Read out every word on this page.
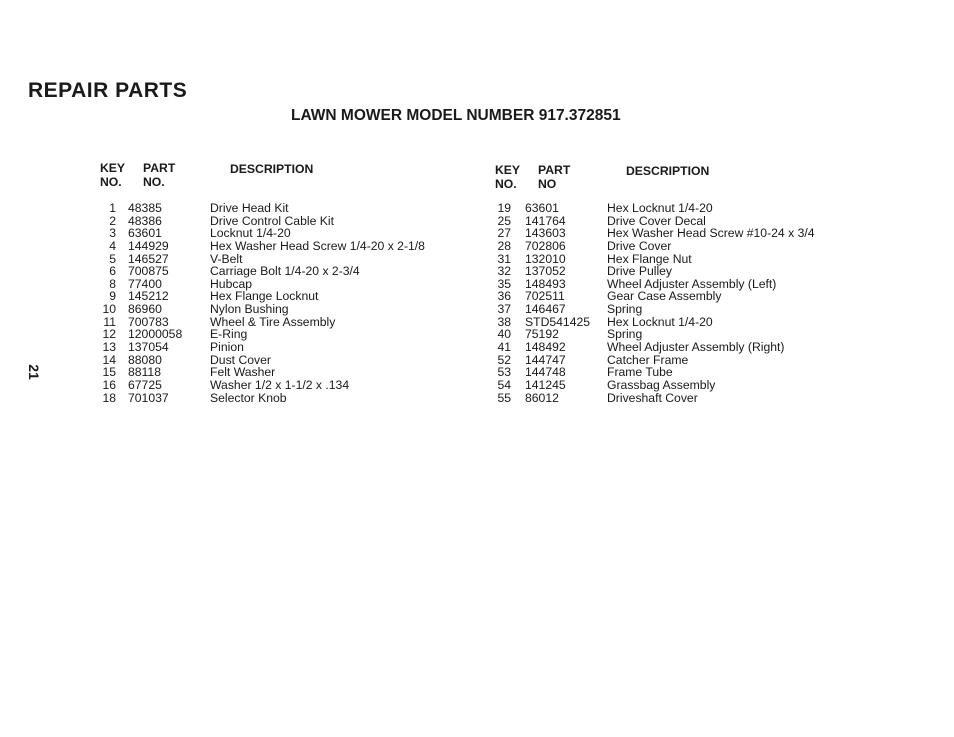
REPAIR PARTS
LAWN MOWER MODEL NUMBER 917.372851
21
KEY
NO.
PART
NO.
DESCRIPTION
1 48385	Drive Head Kit
2 48386	Drive Control Cable Kit
3 63601	Locknut 1/4-20
4 144929	Hex Washer Head Screw 1/4-20 x 2-1/8
5 146527	V-Belt
6 700875	Carriage Bolt 1/4-20 x 2-3/4
8 77400	Hubcap
9 145212	Hex Flange Locknut
10 86960	Nylon Bushing
11 700783	Wheel & Tire Assembly
12 12000058 E-Ring
13 137054	Pinion
14 88080	Dust Cover
15 88118	Felt Washer
16 67725	Washer 1/2 x 1-1/2 x .134
18 701037	Selector Knob
KEY
NO.
PART
NO
DESCRIPTION
19 63601	Hex Locknut 1/4-20
25 141764	Drive Cover Decal
27 143603	Hex Washer Head Screw #10-24 x 3/4
28 702806	Drive Cover
31 132010	Hex Flange Nut
32 137052	Drive Pulley
35 148493	Wheel Adjuster Assembly (Left)
36 702511	Gear Case Assembly
37 146467	Spring
38 STD541425 Hex Locknut 1/4-20
40 75192	Spring
41 148492	Wheel Adjuster Assembly (Right)
52 144747	Catcher Frame
53 144748	Frame Tube
54 141245	Grassbag Assembly
55 86012	Driveshaft Cover
